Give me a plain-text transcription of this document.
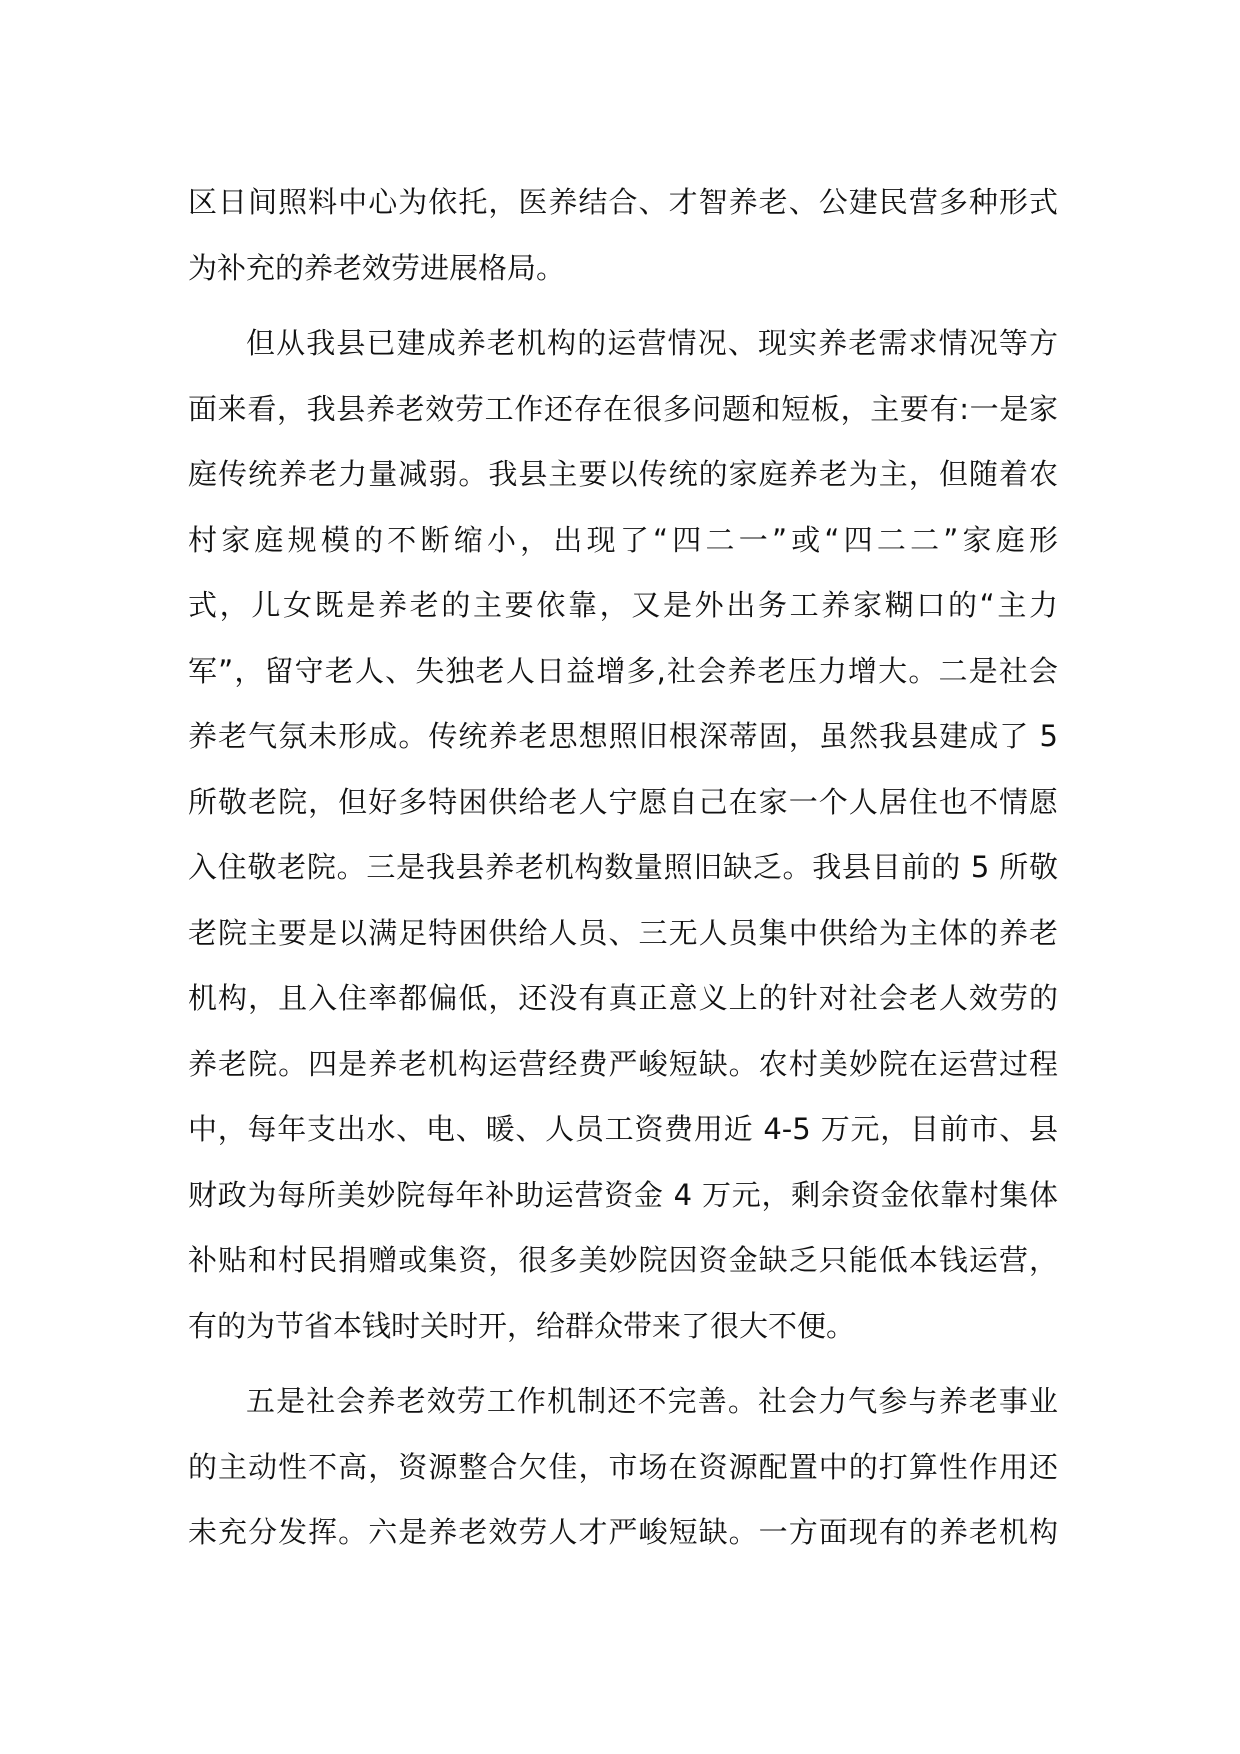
区日间照料中心为依托，医养结合、才智养老、公建民营多种形式
为补充的养老效劳进展格局。
但从我县已建成养老机构的运营情况、现实养老需求情况等方
面来看，我县养老效劳工作还存在很多问题和短板，主要有:一是家
庭传统养老力量减弱。我县主要以传统的家庭养老为主，但随着农
村家庭规模的不断缩小，出现了“四二一”或“四二二”家庭形
式，儿女既是养老的主要依靠，又是外出务工养家糊口的“主力
军”，留守老人、失独老人日益增多,社会养老压力增大。二是社会
养老气氛未形成。传统养老思想照旧根深蒂固，虽然我县建成了 5
所敬老院，但好多特困供给老人宁愿自己在家一个人居住也不情愿
入住敬老院。三是我县养老机构数量照旧缺乏。我县目前的 5 所敬
老院主要是以满足特困供给人员、三无人员集中供给为主体的养老
机构，且入住率都偏低，还没有真正意义上的针对社会老人效劳的
养老院。四是养老机构运营经费严峻短缺。农村美妙院在运营过程
中，每年支出水、电、暖、人员工资费用近 4-5 万元，目前市、县
财政为每所美妙院每年补助运营资金 4 万元，剩余资金依靠村集体
补贴和村民捐赠或集资，很多美妙院因资金缺乏只能低本钱运营，
有的为节省本钱时关时开，给群众带来了很大不便。
五是社会养老效劳工作机制还不完善。社会力气参与养老事业
的主动性不高，资源整合欠佳，市场在资源配置中的打算性作用还
未充分发挥。六是养老效劳人才严峻短缺。一方面现有的养老机构
